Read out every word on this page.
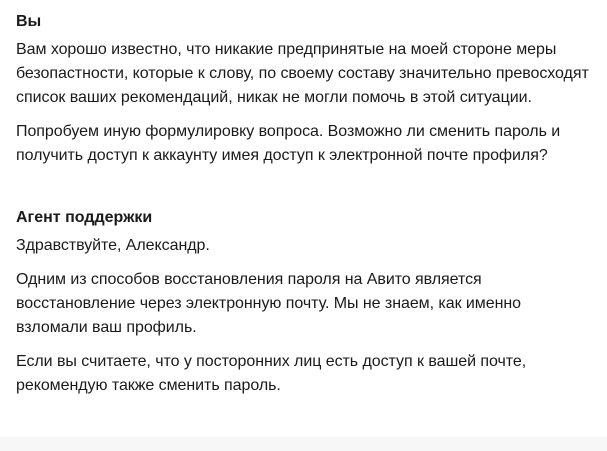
Вы

Вам хорошо известно, что никакие предпринятые на моей стороне меры безопастности, которые к слову, по своему составу значительно превосходят список ваших рекомендаций, никак не могли помочь в этой ситуации.

Попробуем иную формулировку вопроса. Возможно ли сменить пароль и получить доступ к аккаунту имея доступ к электронной почте профиля?

Агент поддержки

Здравствуйте, Александр.

Одним из способов восстановления пароля на Авито является восстановление через электронную почту. Мы не знаем, как именно взломали ваш профиль.

Если вы считаете, что у посторонних лиц есть доступ к вашей почте, рекомендую также сменить пароль.
